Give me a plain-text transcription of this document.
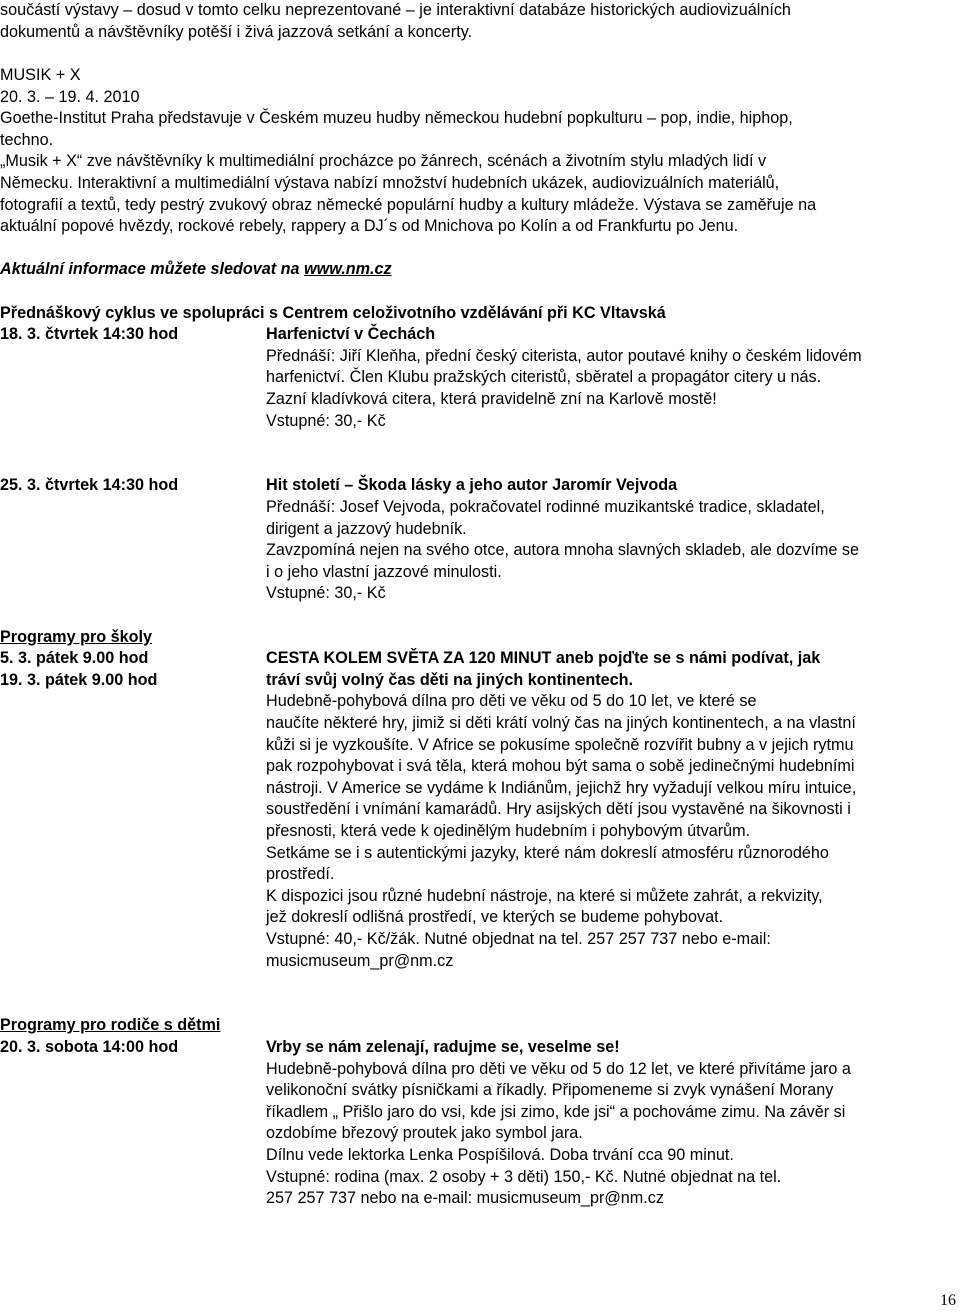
součástí výstavy – dosud v tomto celku neprezentované – je interaktivní databáze historických audiovizuálních
dokumentů a návštěvníky potěší i živá jazzová setkání a koncerty.
MUSIK + X
20. 3. – 19. 4. 2010
Goethe-Institut Praha představuje v Českém muzeu hudby německou hudební popkulturu – pop, indie, hiphop,
techno.
„Musik + X“ zve návštěvníky k multimediální procházce po žánrech, scénách a životním stylu mladých lidí v
Německu. Interaktivní a multimediální výstava nabízí množství hudebních ukázek, audiovizuálních materiálů,
fotografií a textů, tedy pestrý zvukový obraz německé populární hudby a kultury mládeže. Výstava se zaměřuje na
aktuální popové hvězdy, rockové rebely, rappery a DJ´s od Mnichova po Kolín a od Frankfurtu po Jenu.
Aktuální informace můžete sledovat na www.nm.cz
Přednáškový cyklus ve spolupráci s Centrem celoživotního vzdělávání při KC Vltavská
18. 3. čtvrtek 14:30 hod	Harfenictví v Čechách
Přednáší: Jiří Kleňha, přední český citerista, autor poutavé knihy o českém lidovém
harfenictví. Člen Klubu pražských citeristů, sběratel a propagátor citery u nás.
Zazní kladívková citera, která pravidelně zní na Karlově mostě!
Vstupné: 30,- Kč
25. 3. čtvrtek 14:30 hod	Hit století – Škoda lásky a jeho autor Jaromír Vejvoda
Přednáší: Josef Vejvoda, pokračovatel rodinné muzikantské tradice, skladatel,
dirigent a jazzový hudebník.
Zavzpomíná nejen na svého otce, autora mnoha slavných skladeb, ale dozvíme se
i o jeho vlastní jazzové minulosti.
Vstupné: 30,- Kč
Programy pro školy
5. 3. pátek 9.00 hod
19. 3. pátek 9.00 hod
CESTA KOLEM SVĚTA ZA 120 MINUT aneb pojďte se s námi podívat, jak
tráví svůj volný čas děti na jiných kontinentech.
Hudebně-pohybová dílna pro děti ve věku od 5 do 10 let, ve které se
naučíte některé hry, jimiž si děti krátí volný čas na jiných kontinentech, a na vlastní
kůži si je vyzkoušíte. V Africe se pokusíme společně rozvířit bubny a v jejich rytmu
pak rozpohybovat i svá těla, která mohou být sama o sobě jedinečnými hudebními
nástroji. V Americe se vydáme k Indiánům, jejichž hry vyžadují velkou míru intuice,
soustředění i vnímání kamarádů. Hry asijských dětí jsou vystavěné na šikovnosti i
přesnosti, která vede k ojedinělým hudebním i pohybovým útvarům.
Setkáme se i s autentickými jazyky, které nám dokreslí atmosféru různorodého
prostředí.
K dispozici jsou různé hudební nástroje, na které si můžete zahrát, a rekvizity,
jež dokreslí odlišná prostředí, ve kterých se budeme pohybovat.
Vstupné: 40,- Kč/žák. Nutné objednat na tel. 257 257 737 nebo e-mail:
musicmuseum_pr@nm.cz
Programy pro rodiče s dětmi
20. 3. sobota 14:00 hod	Vrby se nám zelenají, radujme se, veselme se!
Hudebně-pohybová dílna pro děti ve věku od 5 do 12 let, ve které přivítáme jaro a
velikonoční svátky písničkami a říkadly. Připomeneme si zvyk vynášení Morany
říkadlem „ Přišlo jaro do vsi, kde jsi zimo, kde jsi“ a pochováme zimu. Na závěr si
ozdobíme březový proutek jako symbol jara.
Dílnu vede lektorka Lenka Pospíšilová. Doba trvání cca 90 minut.
Vstupné: rodina (max. 2 osoby + 3 děti) 150,- Kč. Nutné objednat na tel.
257 257 737 nebo na e-mail: musicmuseum_pr@nm.cz
16
